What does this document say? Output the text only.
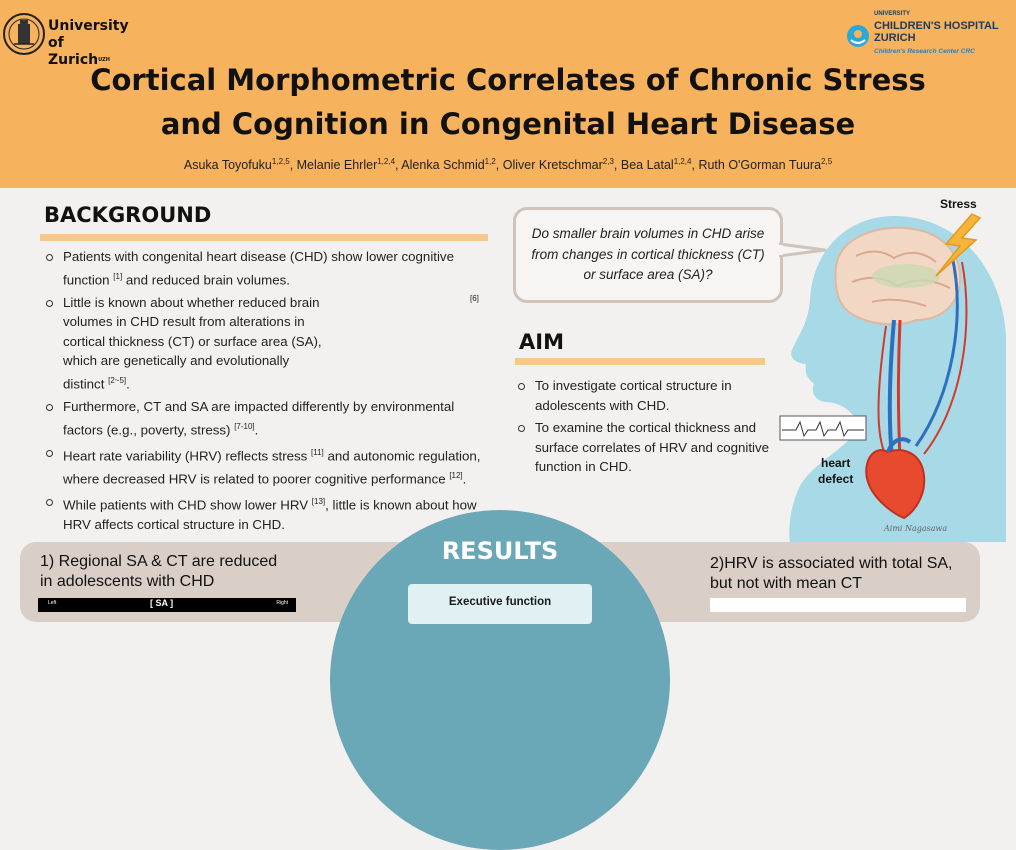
University of
Zurich$^{UZH}$
UNIVERSITY
CHILDREN'S HOSPITAL
ZURICH
Children's Research Center CRC
Cortical Morphometric Correlates of Chronic Stress
and Cognition in Congenital Heart Disease
Asuka Toyofuku$^{1,2,5}$, Melanie Ehrler$^{1,2,4}$, Alenka Schmid$^{1,2}$, Oliver Kretschmar$^{2,3}$, Bea Latal$^{1,2,4}$, Ruth O'Gorman Tuura$^{2,5}$
BACKGROUND
Patients with congenital heart disease (CHD) show lower cognitive function [1] and reduced brain volumes.
Little is known about whether reduced brain volumes in CHD result from alterations in cortical thickness (CT) or surface area (SA), which are genetically and evolutionally distinct [2~5].
Furthermore, CT and SA are impacted differently by environmental factors (e.g., poverty, stress) [7-10].
Heart rate variability (HRV) reflects stress [11] and autonomic regulation, where decreased HRV is related to poorer cognitive performance [12].
While patients with CHD show lower HRV [13], little is known about how HRV affects cortical structure in CHD.
[6]
Do smaller brain volumes in CHD arise from changes in cortical thickness (CT) or surface area (SA)?
AIM
To investigate cortical structure in adolescents with CHD.
To examine the cortical thickness and surface correlates of HRV and cognitive function in CHD.
Stress
heart
defect
Aimi Nagasawa
RESULTS
Executive function
1) Regional SA & CT are reduced
in adolescents with CHD
2)HRV is associated with total SA,
but not with mean CT
Left	[ SA ]	Right
